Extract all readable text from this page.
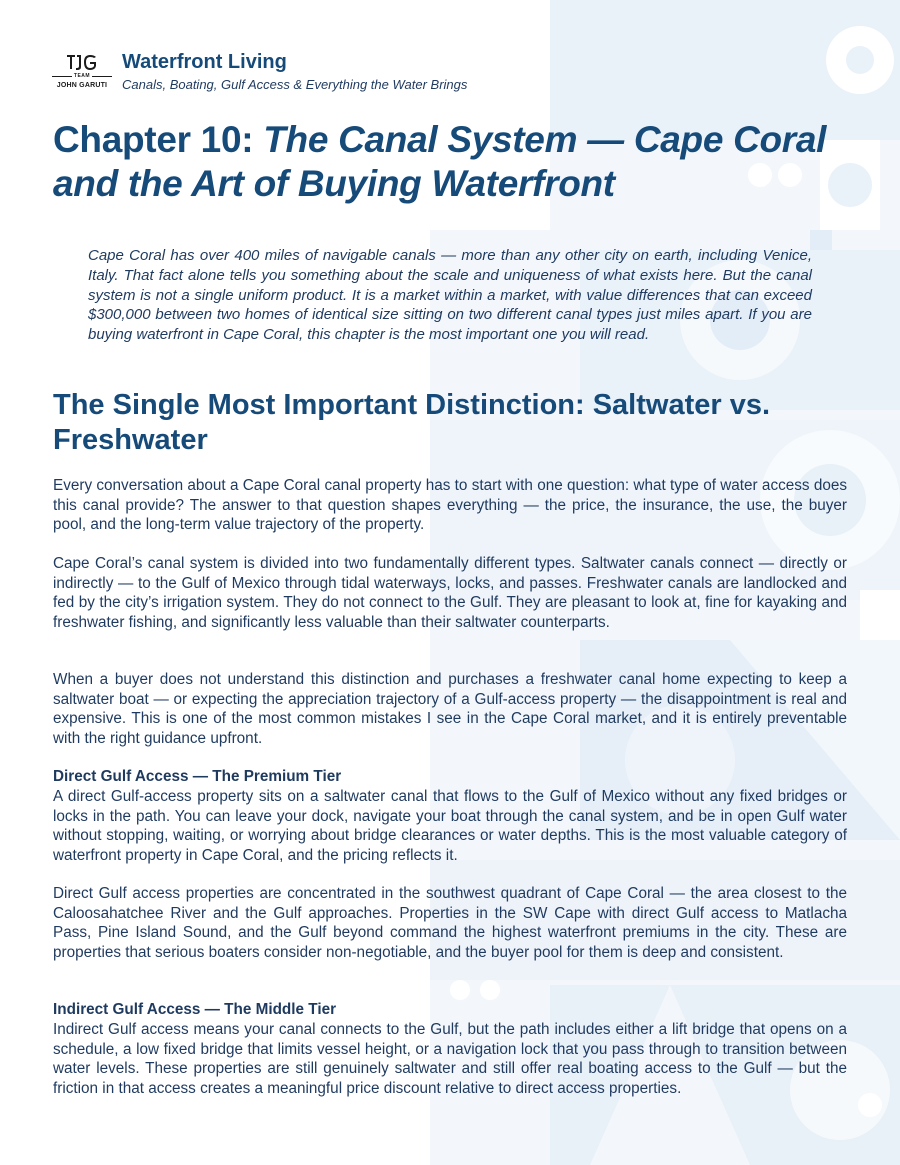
TEAM
JOHN GARUTI
Waterfront Living
Canals, Boating, Gulf Access & Everything the Water Brings
Chapter 10: The Canal System — Cape Coral and the Art of Buying Waterfront

Cape Coral has over 400 miles of navigable canals — more than any other city on earth, including Venice, Italy. That fact alone tells you something about the scale and uniqueness of what exists here. But the canal system is not a single uniform product. It is a market within a market, with value differences that can exceed $300,000 between two homes of identical size sitting on two different canal types just miles apart. If you are buying waterfront in Cape Coral, this chapter is the most important one you will read.

The Single Most Important Distinction: Saltwater vs. Freshwater

Every conversation about a Cape Coral canal property has to start with one question: what type of water access does this canal provide? The answer to that question shapes everything — the price, the insurance, the use, the buyer pool, and the long-term value trajectory of the property.

Cape Coral’s canal system is divided into two fundamentally different types. Saltwater canals connect — directly or indirectly — to the Gulf of Mexico through tidal waterways, locks, and passes. Freshwater canals are landlocked and fed by the city’s irrigation system. They do not connect to the Gulf. They are pleasant to look at, fine for kayaking and freshwater fishing, and significantly less valuable than their saltwater counterparts.

When a buyer does not understand this distinction and purchases a freshwater canal home expecting to keep a saltwater boat — or expecting the appreciation trajectory of a Gulf-access property — the disappointment is real and expensive. This is one of the most common mistakes I see in the Cape Coral market, and it is entirely preventable with the right guidance upfront.

Direct Gulf Access — The Premium Tier

A direct Gulf-access property sits on a saltwater canal that flows to the Gulf of Mexico without any fixed bridges or locks in the path. You can leave your dock, navigate your boat through the canal system, and be in open Gulf water without stopping, waiting, or worrying about bridge clearances or water depths. This is the most valuable category of waterfront property in Cape Coral, and the pricing reflects it.

Direct Gulf access properties are concentrated in the southwest quadrant of Cape Coral — the area closest to the Caloosahatchee River and the Gulf approaches. Properties in the SW Cape with direct Gulf access to Matlacha Pass, Pine Island Sound, and the Gulf beyond command the highest waterfront premiums in the city. These are properties that serious boaters consider non-negotiable, and the buyer pool for them is deep and consistent.

Indirect Gulf Access — The Middle Tier

Indirect Gulf access means your canal connects to the Gulf, but the path includes either a lift bridge that opens on a schedule, a low fixed bridge that limits vessel height, or a navigation lock that you pass through to transition between water levels. These properties are still genuinely saltwater and still offer real boating access to the Gulf — but the friction in that access creates a meaningful price discount relative to direct access properties.
